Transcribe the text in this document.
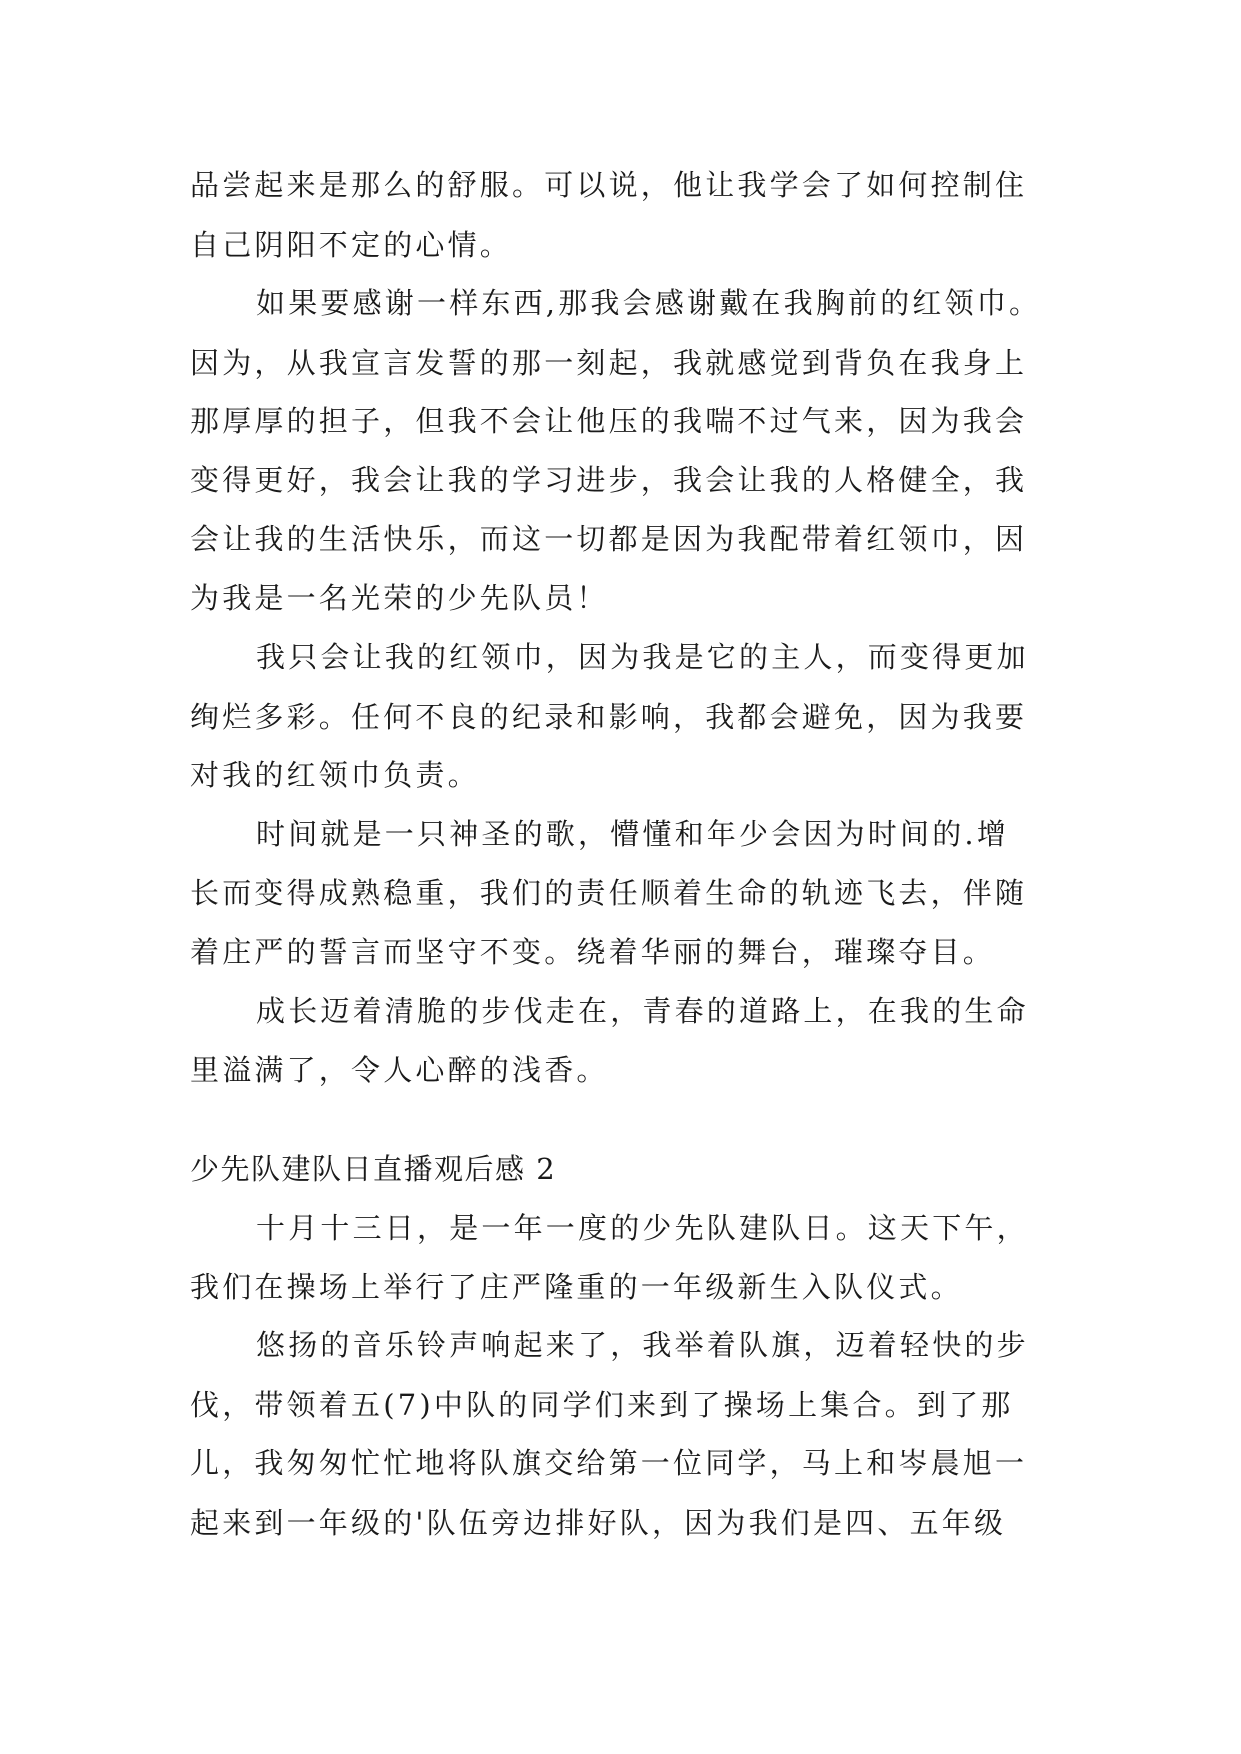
品尝起来是那么的舒服。可以说，他让我学会了如何控制住
自己阴阳不定的心情。
如果要感谢一样东西,那我会感谢戴在我胸前的红领巾。
因为，从我宣言发誓的那一刻起，我就感觉到背负在我身上
那厚厚的担子，但我不会让他压的我喘不过气来，因为我会
变得更好，我会让我的学习进步，我会让我的人格健全，我
会让我的生活快乐，而这一切都是因为我配带着红领巾，因
为我是一名光荣的少先队员！
我只会让我的红领巾，因为我是它的主人，而变得更加
绚烂多彩。任何不良的纪录和影响，我都会避免，因为我要
对我的红领巾负责。
时间就是一只神圣的歌，懵懂和年少会因为时间的.增
长而变得成熟稳重，我们的责任顺着生命的轨迹飞去，伴随
着庄严的誓言而坚守不变。绕着华丽的舞台，璀璨夺目。
成长迈着清脆的步伐走在，青春的道路上，在我的生命
里溢满了，令人心醉的浅香。
少先队建队日直播观后感 2
十月十三日，是一年一度的少先队建队日。这天下午，
我们在操场上举行了庄严隆重的一年级新生入队仪式。
悠扬的音乐铃声响起来了，我举着队旗，迈着轻快的步
伐，带领着五(7)中队的同学们来到了操场上集合。到了那
儿，我匆匆忙忙地将队旗交给第一位同学，马上和岑晨旭一
起来到一年级的'队伍旁边排好队，因为我们是四、五年级
